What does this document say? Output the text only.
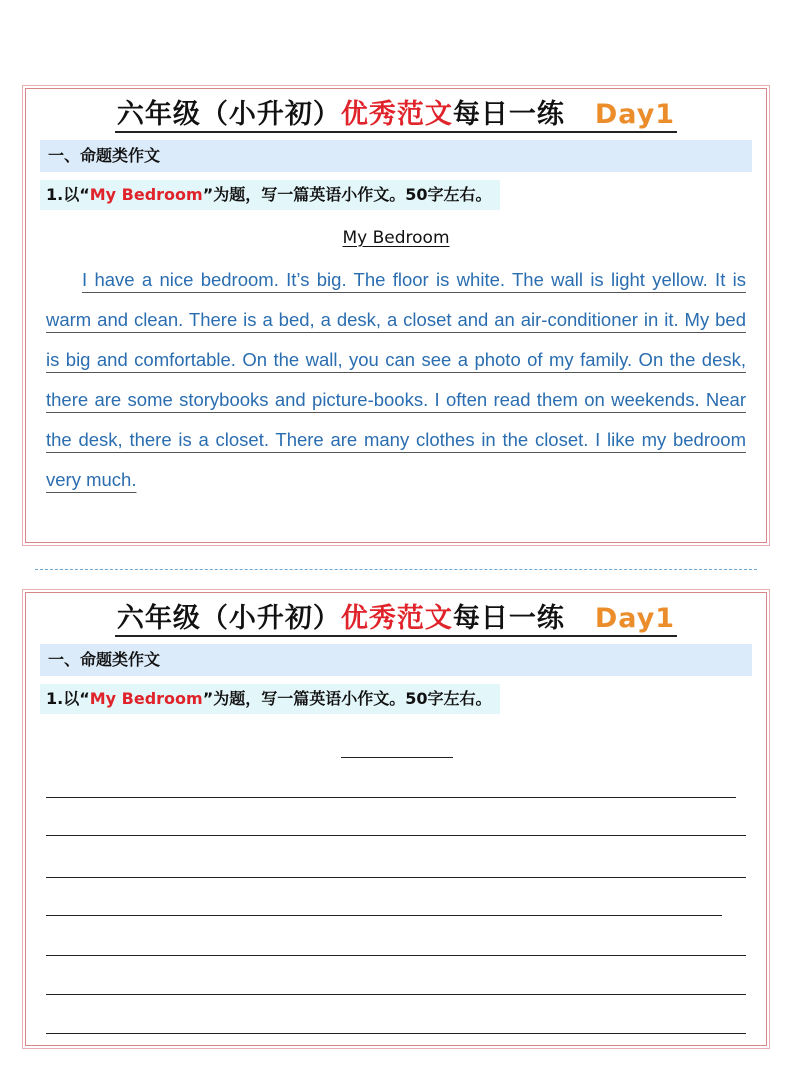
六年级（小升初）优秀范文每日一练 Day1
一、命题类作文
1.以“My Bedroom”为题，写一篇英语小作文。50字左右。
My Bedroom
I have a nice bedroom. It’s big. The floor is white. The wall is light yellow. It is warm and clean. There is a bed, a desk, a closet and an air-conditioner in it. My bed is big and comfortable. On the wall, you can see a photo of my family. On the desk, there are some storybooks and picture-books. I often read them on weekends. Near the desk, there is a closet. There are many clothes in the closet. I like my bedroom very much.
六年级（小升初）优秀范文每日一练 Day1
一、命题类作文
1.以“My Bedroom”为题，写一篇英语小作文。50字左右。
